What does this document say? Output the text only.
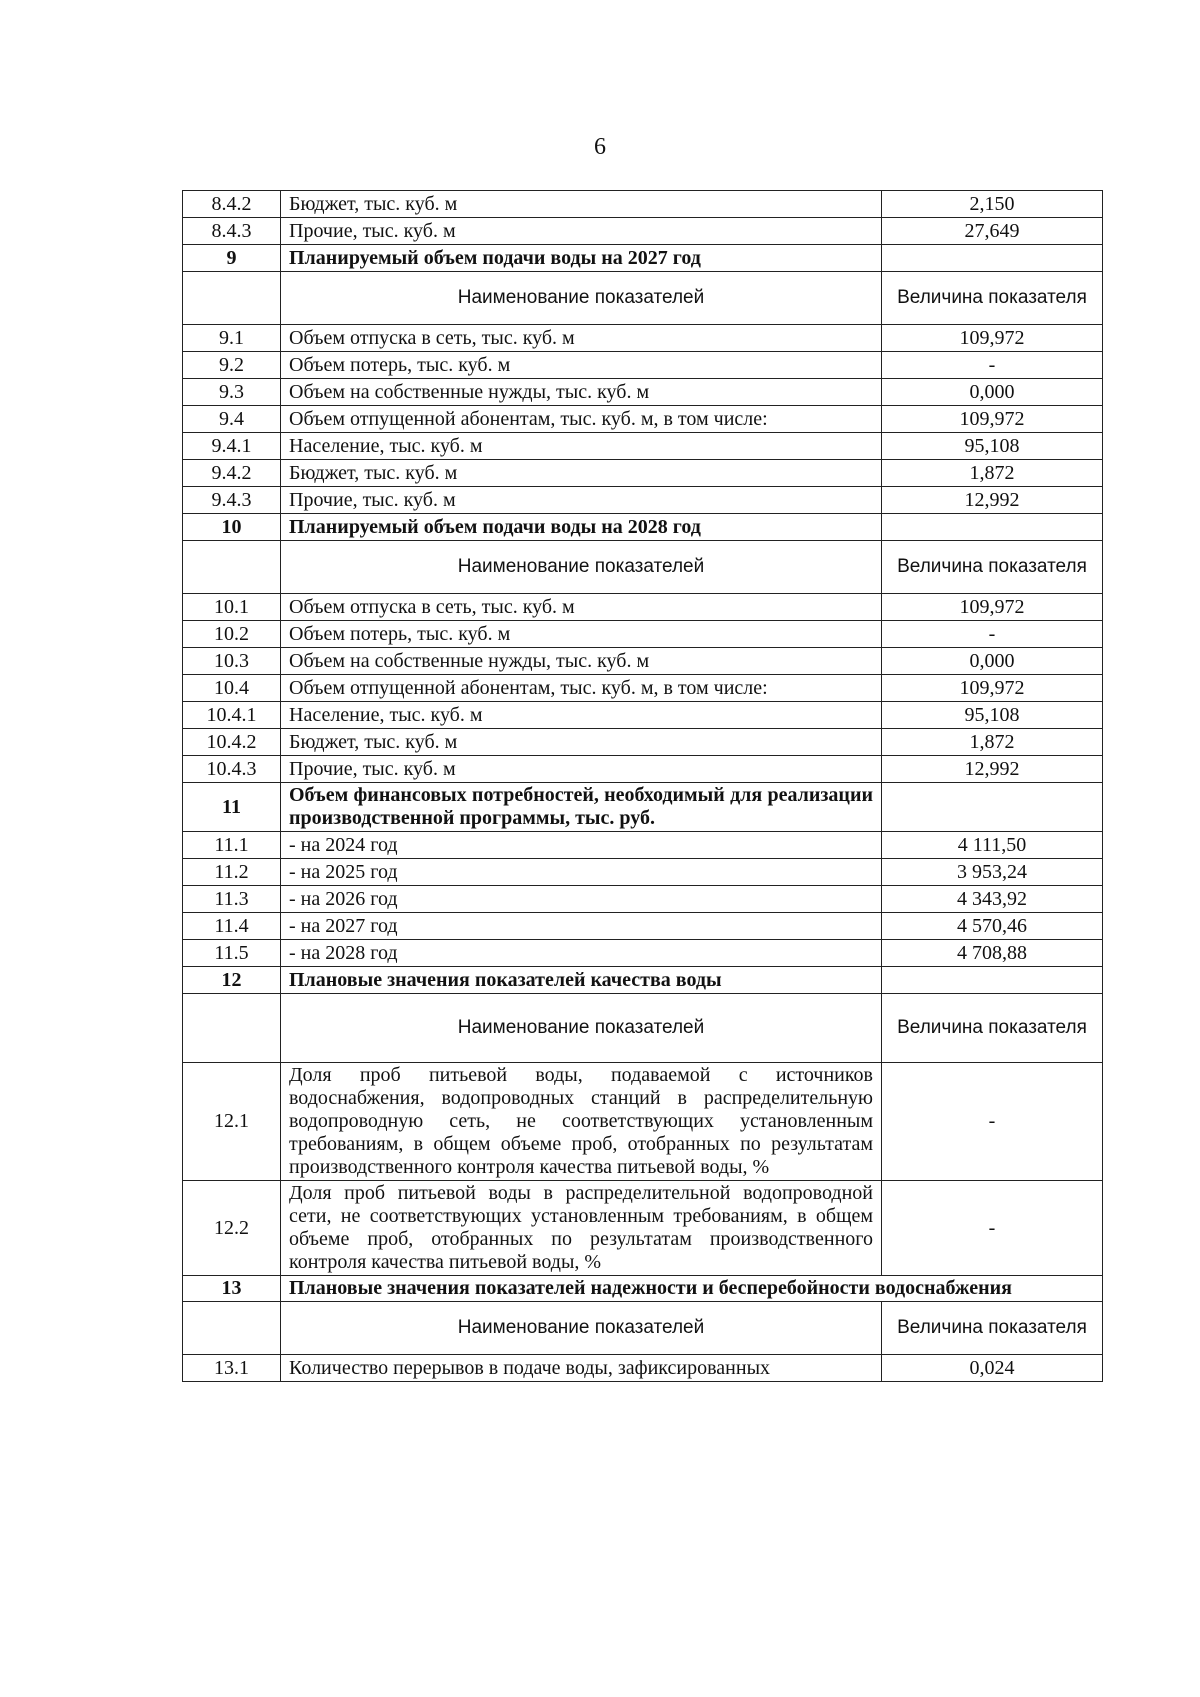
6
8.4.2	Бюджет, тыс. куб. м	2,150
8.4.3	Прочие, тыс. куб. м	27,649
9	Планируемый объем подачи воды на 2027 год	
	Наименование показателей	Величина показателя
9.1	Объем отпуска в сеть, тыс. куб. м	109,972
9.2	Объем потерь, тыс. куб. м	-
9.3	Объем на собственные нужды, тыс. куб. м	0,000
9.4	Объем отпущенной абонентам, тыс. куб. м, в том числе:	109,972
9.4.1	Население, тыс. куб. м	95,108
9.4.2	Бюджет, тыс. куб. м	1,872
9.4.3	Прочие, тыс. куб. м	12,992
10	Планируемый объем подачи воды на 2028 год	
	Наименование показателей	Величина показателя
10.1	Объем отпуска в сеть, тыс. куб. м	109,972
10.2	Объем потерь, тыс. куб. м	-
10.3	Объем на собственные нужды, тыс. куб. м	0,000
10.4	Объем отпущенной абонентам, тыс. куб. м, в том числе:	109,972
10.4.1	Население, тыс. куб. м	95,108
10.4.2	Бюджет, тыс. куб. м	1,872
10.4.3	Прочие, тыс. куб. м	12,992
11	Объем финансовых потребностей, необходимый для реализации производственной программы, тыс. руб.	
11.1	- на 2024 год	4 111,50
11.2	- на 2025 год	3 953,24
11.3	- на 2026 год	4 343,92
11.4	- на 2027 год	4 570,46
11.5	- на 2028 год	4 708,88
12	Плановые значения показателей качества воды	
	Наименование показателей	Величина показателя
12.1	Доля проб питьевой воды, подаваемой с источников водоснабжения, водопроводных станций в распределительную водопроводную сеть, не соответствующих установленным требованиям, в общем объеме проб, отобранных по результатам производственного контроля качества питьевой воды, %	-
12.2	Доля проб питьевой воды в распределительной водопроводной сети, не соответствующих установленным требованиям, в общем объеме проб, отобранных по результатам производственного контроля качества питьевой воды, %	-
13	Плановые значения показателей надежности и бесперебойности водоснабжения	
	Наименование показателей	Величина показателя
13.1	Количество перерывов в подаче воды, зафиксированных	0,024
